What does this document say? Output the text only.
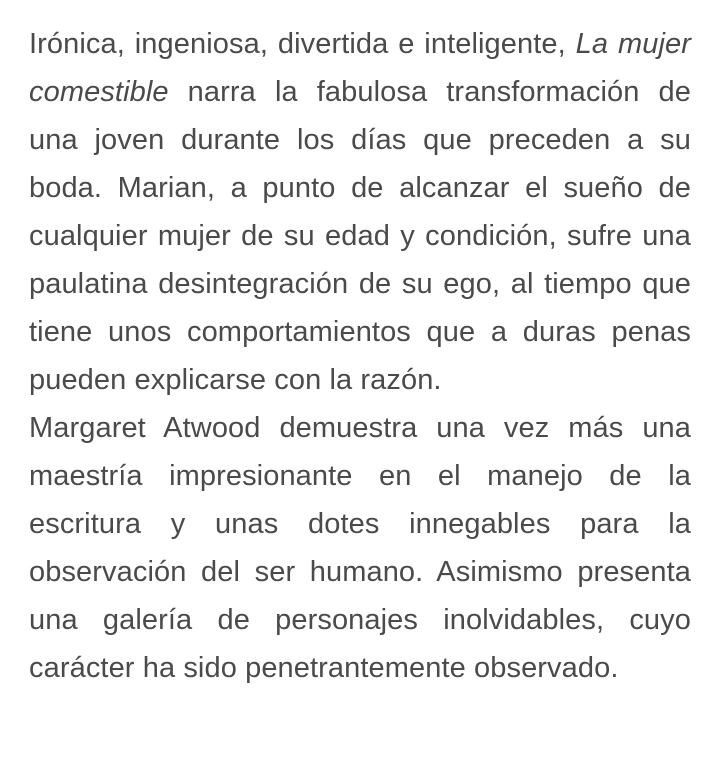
Irónica, ingeniosa, divertida e inteligente, La mujer comestible narra la fabulosa transformación de una joven durante los días que preceden a su boda. Marian, a punto de alcanzar el sueño de cualquier mujer de su edad y condición, sufre una paulatina desintegración de su ego, al tiempo que tiene unos comportamientos que a duras penas pueden explicarse con la razón.

Margaret Atwood demuestra una vez más una maestría impresionante en el manejo de la escritura y unas dotes innegables para la observación del ser humano. Asimismo presenta una galería de personajes inolvidables, cuyo carácter ha sido penetrantemente observado.
